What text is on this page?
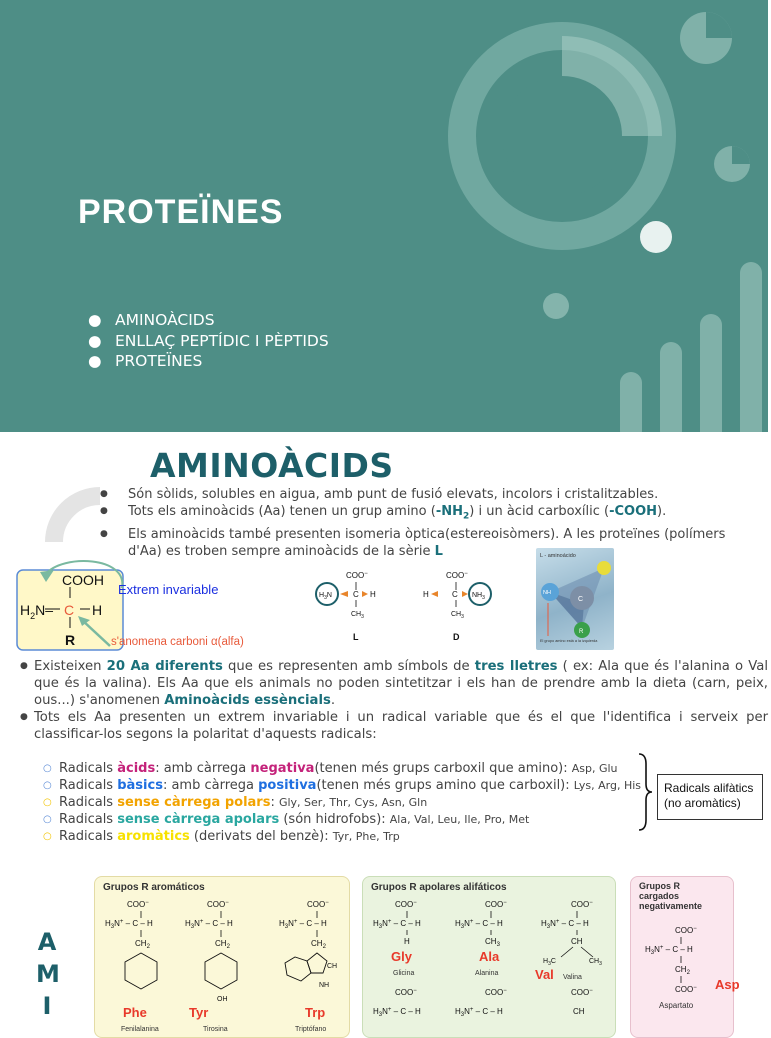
PROTEÏNES
● AMINOÀCIDS
● ENLLAÇ PEPTÍDIC I PÈPTIDS
● PROTEÏNES
AMINOÀCIDS
● Són sòlids, solubles en aigua, amb punt de fusió elevats, incolors i cristalitzables.
● Tots els aminoàcids (Aa) tenen un grup amino $(-NH_2)$ i un àcid carboxílic (-COOH).
● Els aminoàcids també presenten isomeria òptica(estereoisòmers). A les proteïnes (polímers d'Aa) es troben sempre aminoàcids de la sèrie L
COOH
$H_2N-$ C H
R
Extrem invariable
s'anomena carboni α(alfa)
COO−
$H_3N$	C H
$CH_3$
L
COO−
H	C $NH_3$
$CH_3$
D
L - aminoácido
R
C
NH
El grupo amino está a la izquierda
● Existeixen 20 Aa diferents que es representen amb símbols de tres lletres ( ex: Ala que és l'alanina o Val que és la valina). Els Aa que els animals no poden sintetitzar i els han de prendre amb la dieta (carn, peix, ous...) s'anomenen Aminoàcids essèncials.
● Tots els Aa presenten un extrem invariable i un radical variable que és el que l'identifica i serveix per classificar-los segons la polaritat d'aquests radicals:
○ Radicals àcids: amb càrrega negativa(tenen més grups carboxil que amino): Asp, Glu
○ Radicals bàsics: amb càrrega positiva(tenen més grups amino que carboxil): Lys, Arg, His
○ Radicals sense càrrega polars: Gly, Ser, Thr, Cys, Asn, Gln
○ Radicals sense càrrega apolars (són hidrofobs): Ala, Val, Leu, Ile, Pro, Met
○ Radicals aromàtics (derivats del benzè): Tyr, Phe, Trp
Radicals alifàtics
(no aromàtics)
A
M
I
Grupos R aromáticos
COO−
$H_3N^+$ – C – H
$CH_2$
COO−
$H_3N^+$ – C – H
$CH_2$
OH
COO−
$H_3N^+$ – C – H
$CH_2$
CH
NH
Phe	Tyr	Trp
Fenilalanina	Tirosina	Triptófano
Grupos R apolares alifáticos
COO−
$H_3N^+$ – C – H
H
COO−
$H_3N^+$ – C – H
$CH_3$
COO−
$H_3N^+$ – C – H
CH
$H_3C$	$CH_3$
COO−
$H_3N^+$ – C – H
COO−
$H_3N^+$ – C – H
COO−
CH
Gly	Ala
Val
Glicina	Alanina
Valina
Grupos R
cargados
negativamente
COO−
$H_3N^+$ – C – H
$CH_2$
COO− Asp
Aspartato
